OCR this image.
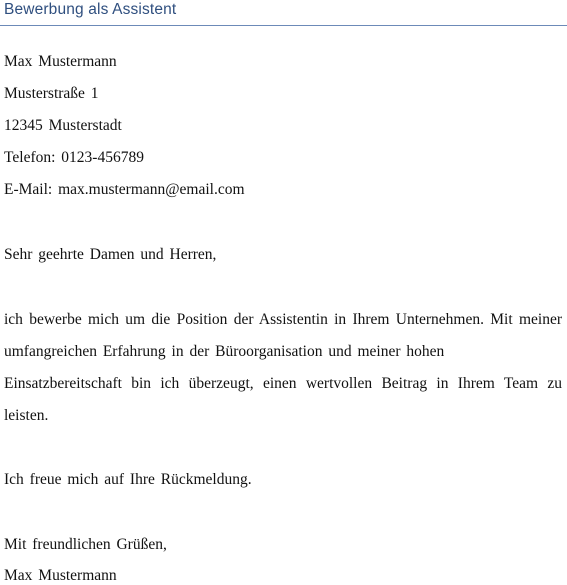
Bewerbung als Assistent
Max Mustermann
Musterstraße 1
12345 Musterstadt
Telefon: 0123-456789
E-Mail: max.mustermann@email.com
Sehr geehrte Damen und Herren,
ich bewerbe mich um die Position der Assistentin in Ihrem Unternehmen. Mit meiner
umfangreichen Erfahrung in der Büroorganisation und meiner hohen
Einsatzbereitschaft bin ich überzeugt, einen wertvollen Beitrag in Ihrem Team zu
leisten.
Ich freue mich auf Ihre Rückmeldung.
Mit freundlichen Grüßen,
Max Mustermann
